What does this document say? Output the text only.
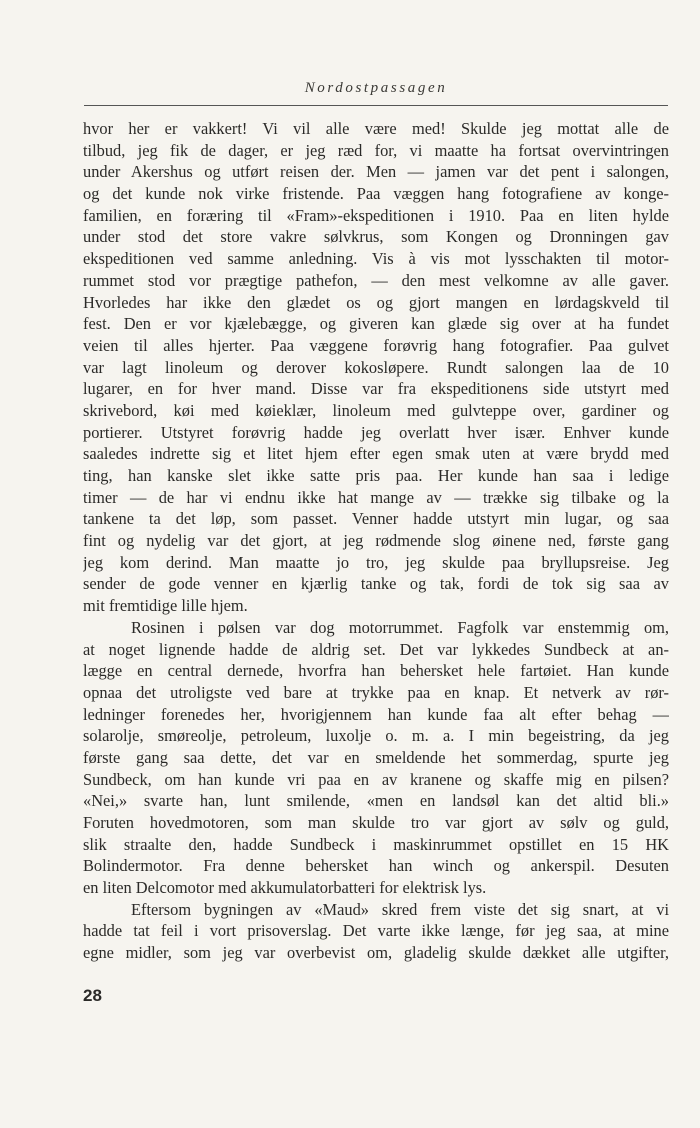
Nordostpassagen
hvor her er vakkert! Vi vil alle være med! Skulde jeg mottat alle de
tilbud, jeg fik de dager, er jeg ræd for, vi maatte ha fortsat overvintringen
under Akershus og utført reisen der. Men — jamen var det pent i salongen,
og det kunde nok virke fristende. Paa væggen hang fotografiene av konge-
familien, en foræring til «Fram»-ekspeditionen i 1910. Paa en liten hylde
under stod det store vakre sølvkrus, som Kongen og Dronningen gav
ekspeditionen ved samme anledning. Vis à vis mot lysschakten til motor-
rummet stod vor prægtige pathefon, — den mest velkomne av alle gaver.
Hvorledes har ikke den glædet os og gjort mangen en lørdagskveld til
fest. Den er vor kjælebægge, og giveren kan glæde sig over at ha fundet
veien til alles hjerter. Paa væggene forøvrig hang fotografier. Paa gulvet
var lagt linoleum og derover kokosløpere. Rundt salongen laa de 10
lugarer, en for hver mand. Disse var fra ekspeditionens side utstyrt med
skrivebord, køi med køieklær, linoleum med gulvteppe over, gardiner og
portierer. Utstyret forøvrig hadde jeg overlatt hver især. Enhver kunde
saaledes indrette sig et litet hjem efter egen smak uten at være brydd med
ting, han kanske slet ikke satte pris paa. Her kunde han saa i ledige
timer — de har vi endnu ikke hat mange av — trække sig tilbake og la
tankene ta det løp, som passet. Venner hadde utstyrt min lugar, og saa
fint og nydelig var det gjort, at jeg rødmende slog øinene ned, første gang
jeg kom derind. Man maatte jo tro, jeg skulde paa bryllupsreise. Jeg
sender de gode venner en kjærlig tanke og tak, fordi de tok sig saa av
mit fremtidige lille hjem.
Rosinen i pølsen var dog motorrummet. Fagfolk var enstemmig om,
at noget lignende hadde de aldrig set. Det var lykkedes Sundbeck at an-
lægge en central dernede, hvorfra han behersket hele fartøiet. Han kunde
opnaa det utroligste ved bare at trykke paa en knap. Et netverk av rør-
ledninger forenedes her, hvorigjennem han kunde faa alt efter behag —
solarolje, smøreolje, petroleum, luxolje o. m. a. I min begeistring, da jeg
første gang saa dette, det var en smeldende het sommerdag, spurte jeg
Sundbeck, om han kunde vri paa en av kranene og skaffe mig en pilsen?
«Nei,» svarte han, lunt smilende, «men en landsøl kan det altid bli.»
Foruten hovedmotoren, som man skulde tro var gjort av sølv og guld,
slik straalte den, hadde Sundbeck i maskinrummet opstillet en 15 HK
Bolindermotor. Fra denne behersket han winch og ankerspil. Desuten
en liten Delcomotor med akkumulatorbatteri for elektrisk lys.
Eftersom bygningen av «Maud» skred frem viste det sig snart, at vi
hadde tat feil i vort prisoverslag. Det varte ikke længe, før jeg saa, at mine
egne midler, som jeg var overbevist om, gladelig skulde dækket alle utgifter,
28
